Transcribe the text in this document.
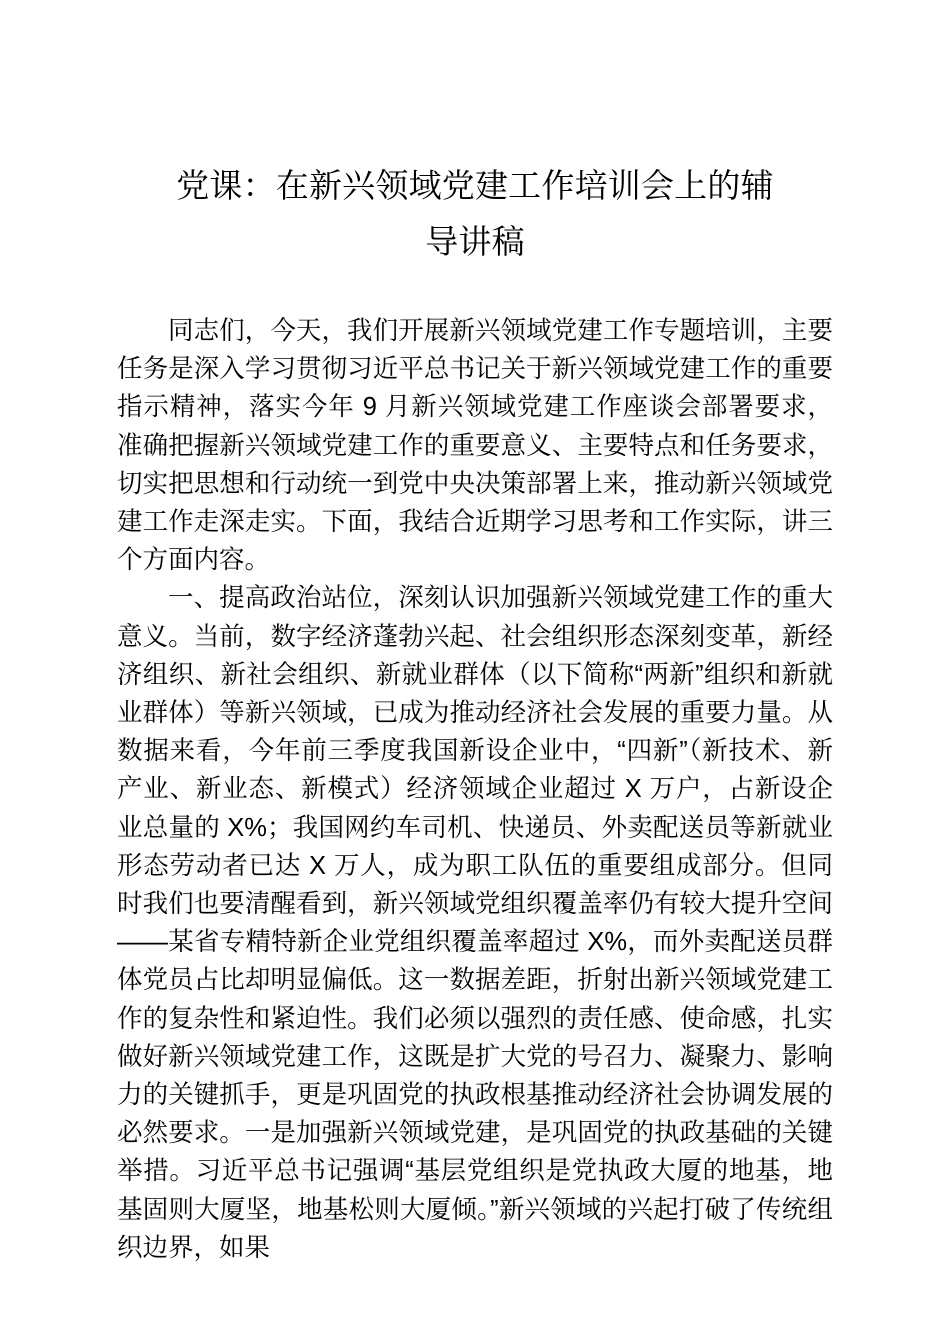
党课：在新兴领域党建工作培训会上的辅
导讲稿

同志们，今天，我们开展新兴领域党建工作专题培训，主要任务是深入学习贯彻习近平总书记关于新兴领域党建工作的重要指示精神，落实今年 9 月新兴领域党建工作座谈会部署要求，准确把握新兴领域党建工作的重要意义、主要特点和任务要求，切实把思想和行动统一到党中央决策部署上来，推动新兴领域党建工作走深走实。下面，我结合近期学习思考和工作实际，讲三个方面内容。

一、提高政治站位，深刻认识加强新兴领域党建工作的重大意义。当前，数字经济蓬勃兴起、社会组织形态深刻变革，新经济组织、新社会组织、新就业群体（以下简称“两新”组织和新就业群体）等新兴领域，已成为推动经济社会发展的重要力量。从数据来看，今年前三季度我国新设企业中，“四新”（新技术、新产业、新业态、新模式）经济领域企业超过 X 万户，占新设企业总量的 X%；我国网约车司机、快递员、外卖配送员等新就业形态劳动者已达 X 万人，成为职工队伍的重要组成部分。但同时我们也要清醒看到，新兴领域党组织覆盖率仍有较大提升空间——某省专精特新企业党组织覆盖率超过 X%，而外卖配送员群体党员占比却明显偏低。这一数据差距，折射出新兴领域党建工作的复杂性和紧迫性。我们必须以强烈的责任感、使命感，扎实做好新兴领域党建工作，这既是扩大党的号召力、凝聚力、影响力的关键抓手，更是巩固党的执政根基推动经济社会协调发展的必然要求。一是加强新兴领域党建，是巩固党的执政基础的关键举措。习近平总书记强调“基层党组织是党执政大厦的地基，地基固则大厦坚，地基松则大厦倾。”新兴领域的兴起打破了传统组织边界，如果
